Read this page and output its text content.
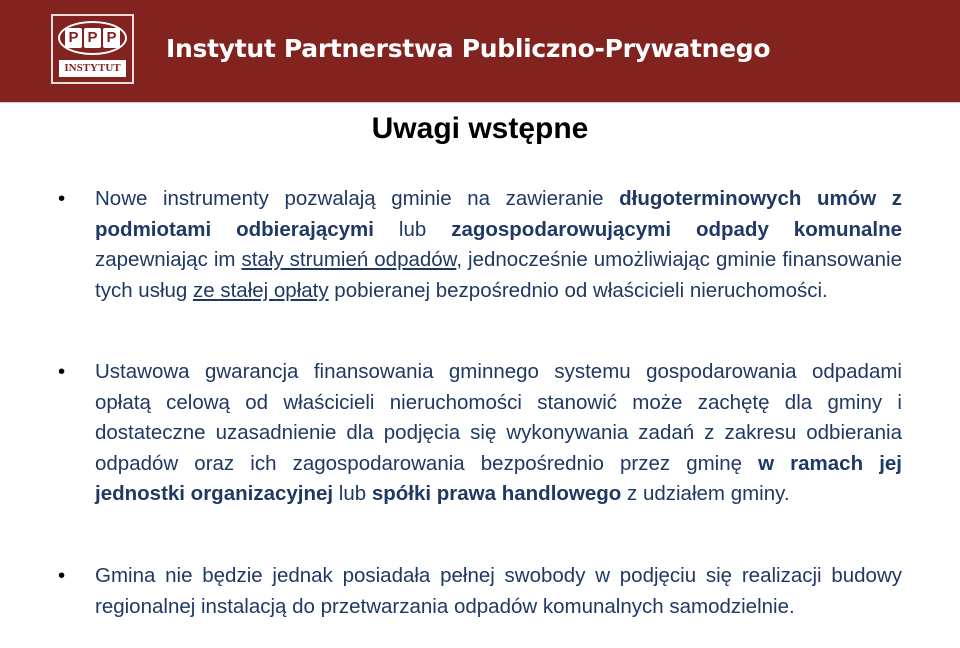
P P P
INSTYTUT
Instytut Partnerstwa Publiczno-Prywatnego
Uwagi wstępne
• Nowe instrumenty pozwalają gminie na zawieranie długoterminowych umów z podmiotami odbierającymi lub zagospodarowującymi odpady komunalne zapewniając im stały strumień odpadów, jednocześnie umożliwiając gminie finansowanie tych usług ze stałej opłaty pobieranej bezpośrednio od właścicieli nieruchomości.
• Ustawowa gwarancja finansowania gminnego systemu gospodarowania odpadami opłatą celową od właścicieli nieruchomości stanowić może zachętę dla gminy i dostateczne uzasadnienie dla podjęcia się wykonywania zadań z zakresu odbierania odpadów oraz ich zagospodarowania bezpośrednio przez gminę w ramach jej jednostki organizacyjnej lub spółki prawa handlowego z udziałem gminy.
• Gmina nie będzie jednak posiadała pełnej swobody w podjęciu się realizacji budowy regionalnej instalacją do przetwarzania odpadów komunalnych samodzielnie.
